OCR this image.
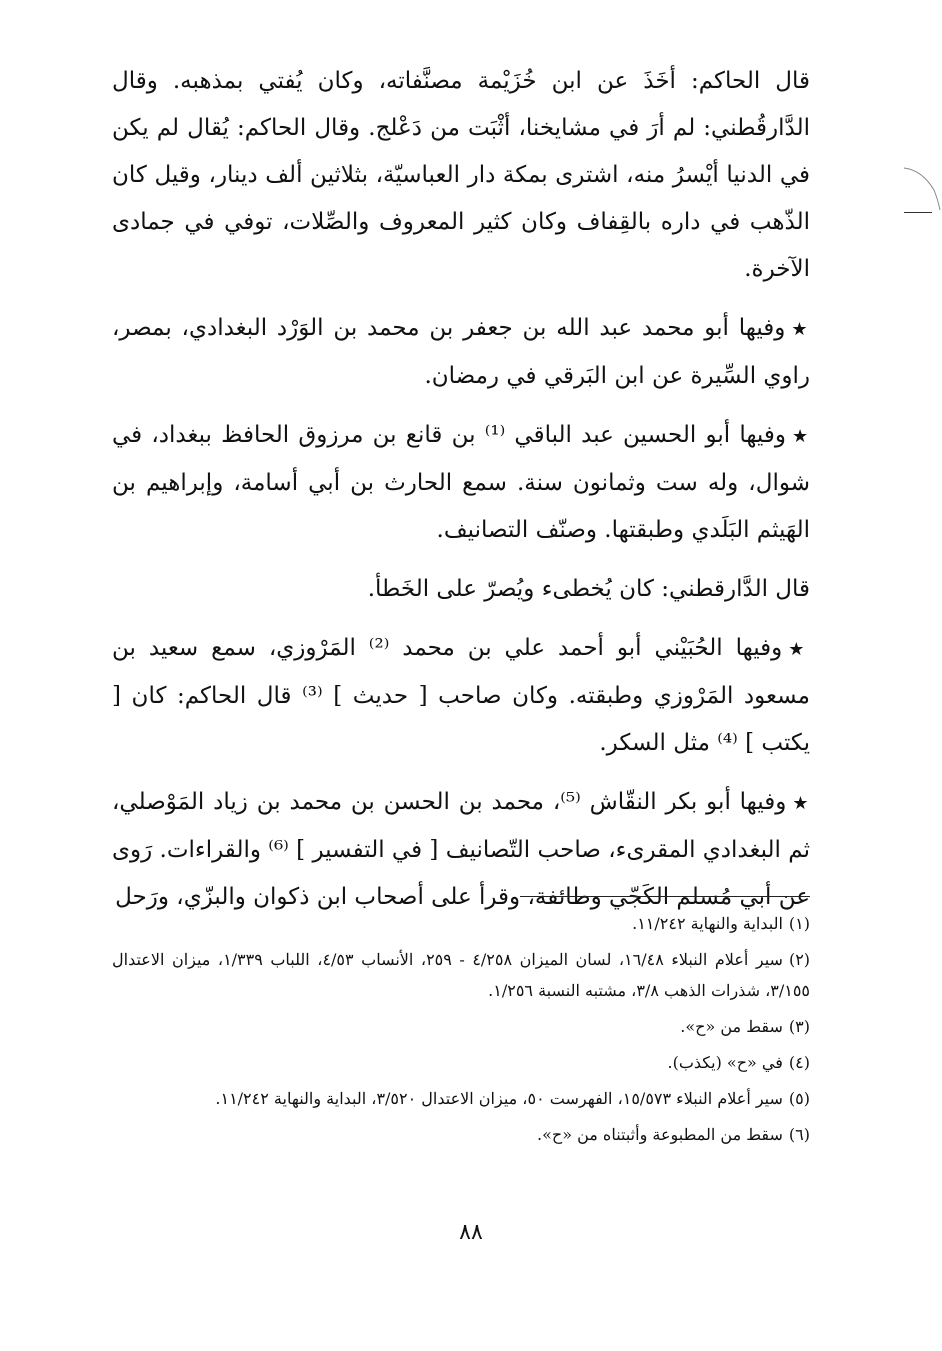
قال الحاكم: أخَذَ عن ابن خُزَيْمة مصنَّفاته، وكان يُفتي بمذهبه. وقال الدَّارقُطني: لم أرَ في مشايخنا، أثْبَت من دَعْلج. وقال الحاكم: يُقال لم يكن في الدنيا أيْسرُ منه، اشترى بمكة دار العباسيّة، بثلاثين ألف دينار، وقيل كان الذّهب في داره بالقِفاف وكان كثير المعروف والصِّلات، توفي في جمادى الآخرة.

★وفيها أبو محمد عبد الله بن جعفر بن محمد بن الوَرْد البغدادي، بمصر، راوي السِّيرة عن ابن البَرقي في رمضان.

★وفيها أبو الحسين عبد الباقي ⁽¹⁾ بن قانع بن مرزوق الحافظ ببغداد، في شوال، وله ست وثمانون سنة. سمع الحارث بن أبي أسامة، وإبراهيم بن الهَيثم البَلَدي وطبقتها. وصنّف التصانيف.

قال الدَّارقطني: كان يُخطىء ويُصرّ على الخَطأ.

★وفيها الحُبَيْني أبو أحمد علي بن محمد ⁽²⁾ المَرْوزي، سمع سعيد بن مسعود المَرْوزي وطبقته. وكان صاحب [ حديث ] ⁽³⁾ قال الحاكم: كان [ يكتب ] ⁽⁴⁾ مثل السكر.

★وفيها أبو بكر النقّاش ⁽⁵⁾، محمد بن الحسن بن محمد بن زياد المَوْصلي، ثم البغدادي المقرىء، صاحب التّصانيف [ في التفسير ] ⁽⁶⁾ والقراءات. رَوى عن أبي مُسلم الكَجّي وطائفة، وقرأ على أصحاب ابن ذكوان والبزّي، ورَحل

(١)البداية والنهاية ١١/٢٤٢.

(٢)سير أعلام النبلاء ١٦/٤٨، لسان الميزان ٤/٢٥٨ - ٢٥٩، الأنساب ٤/٥٣، اللباب ١/٣٣٩، ميزان الاعتدال ٣/١٥٥، شذرات الذهب ٣/٨، مشتبه النسبة ١/٢٥٦.

(٣)سقط من «ح».

(٤)في «ح» (يكذب).

(٥)سير أعلام النبلاء ١٥/٥٧٣، الفهرست ٥٠، ميزان الاعتدال ٣/٥٢٠، البداية والنهاية ١١/٢٤٢.

(٦)سقط من المطبوعة وأثبتناه من «ح».

٨٨
